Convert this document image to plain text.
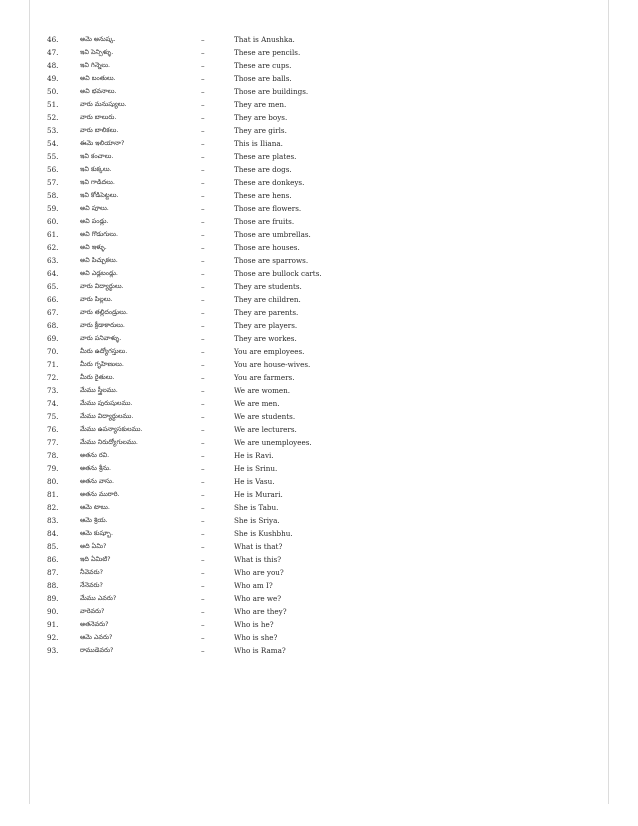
46.	అమె అనుష్క.	–	That is Anushka.
47.	ఇవి పెన్సిళ్ళు.	–	These are pencils.
48.	ఇవి గిన్నెలు.	–	These are cups.
49.	అవి బంతులు.	–	Those are balls.
50.	అవి భవనాలు.	–	Those are buildings.
51.	వారు మనుష్యులు.	–	They are men.
52.	వారు బాలురు.	–	They are boys.
53.	వారు బాలికలు.	–	They are girls.
54.	ఈమె ఇలియానా?	–	This is Iliana.
55.	ఇవి కంచాలు.	–	These are plates.
56.	ఇవి కుక్కలు.	–	These are dogs.
57.	ఇవి గాడిదలు.	–	These are donkeys.
58.	ఇవి కోడిపెట్టలు.	–	These are hens.
59.	అవి పూలు.	–	Those are flowers.
60.	అవి పండ్లు.	–	Those are fruits.
61.	అవి గొడుగులు.	–	Those are umbrellas.
62.	అవి ఇళ్ళు.	–	Those are houses.
63.	అవి పిచ్చుకలు.	–	Those are sparrows.
64.	అవి ఎడ్లబండ్లు.	–	Those are bullock carts.
65.	వారు విద్యార్థులు.	–	They are students.
66.	వారు పిల్లలు.	–	They are children.
67.	వారు తల్లిదండ్రులు.	–	They are parents.
68.	వారు క్రీడాకారులు.	–	They are players.
69.	వారు పనివాళ్ళు.	–	They are workes.
70.	మీరు ఉద్యోగస్తులు.	–	You are employees.
71.	మీరు గృహిణులు.	–	You are house-wives.
72.	మీరు రైతులు.	–	You are farmers.
73.	మేము స్త్రీలము.	–	We are women.
74.	మేము పురుషులము.	–	We are men.
75.	మేము విద్యార్థులము.	–	We are students.
76.	మేము ఉపన్యాసకులము.	–	We are lecturers.
77.	మేము నిరుద్యోగులము.	–	We are unemployees.
78.	అతను రవి.	–	He is Ravi.
79.	అతను శ్రీను.	–	He is Srinu.
80.	అతను వాసు.	–	He is Vasu.
81.	అతను మురారి.	–	He is Murari.
82.	ఆమె టాబు.	–	She is Tabu.
83.	ఆమె శ్రియ.	–	She is Sriya.
84.	ఆమె కుష్బూ.	–	She is Kushbhu.
85.	అది ఏమి?	–	What is that?
86.	ఇది ఏమిటి?	–	What is this?
87.	నీవెవరు?	–	Who are you?
88.	నేనెవరు?	–	Who am I?
89.	మేము ఎవరు?	–	Who are we?
90.	వారెవరు?	–	Who are they?
91.	అతనెవరు?	–	Who is he?
92.	ఆమె ఎవరు?	–	Who is she?
93.	రాముడెవరు?	–	Who is Rama?
